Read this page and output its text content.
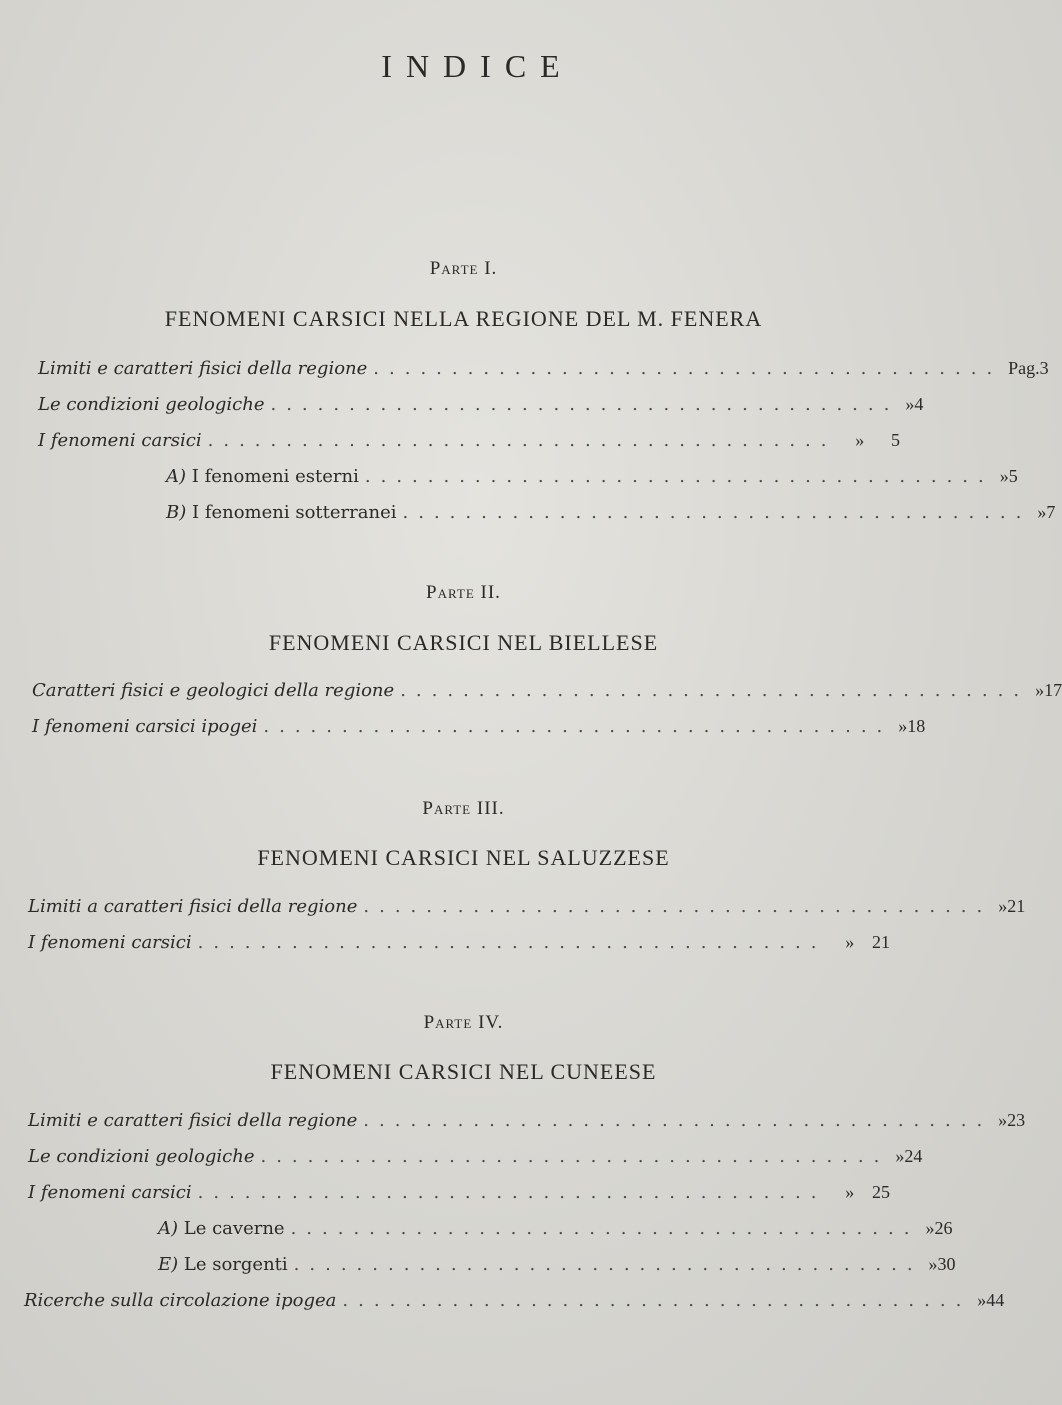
INDICE
Parte I.
FENOMENI CARSICI NELLA REGIONE DEL M. FENERA
Limiti e caratteri fisici della regione ........................................ Pag. 3
Le condizioni geologiche ........................................ » 4
I fenomeni carsici ........................................	»	5
A) I fenomeni esterni ........................................ » 5
B) I fenomeni sotterranei ........................................ » 7
Parte II.
FENOMENI CARSICI NEL BIELLESE
Caratteri fisici e geologici della regione ........................................ » 17
I fenomeni carsici ipogei ........................................ » 18
Parte III.
FENOMENI CARSICI NEL SALUZZESE
Limiti a caratteri fisici della regione ........................................ » 21
I fenomeni carsici ........................................	» 21
Parte IV.
FENOMENI CARSICI NEL CUNEESE
Limiti e caratteri fisici della regione ........................................ » 23
Le condizioni geologiche ........................................ » 24
I fenomeni carsici ........................................	» 25
A) Le caverne ........................................ » 26
E) Le sorgenti ........................................ » 30
Ricerche sulla circolazione ipogea ........................................ » 44
